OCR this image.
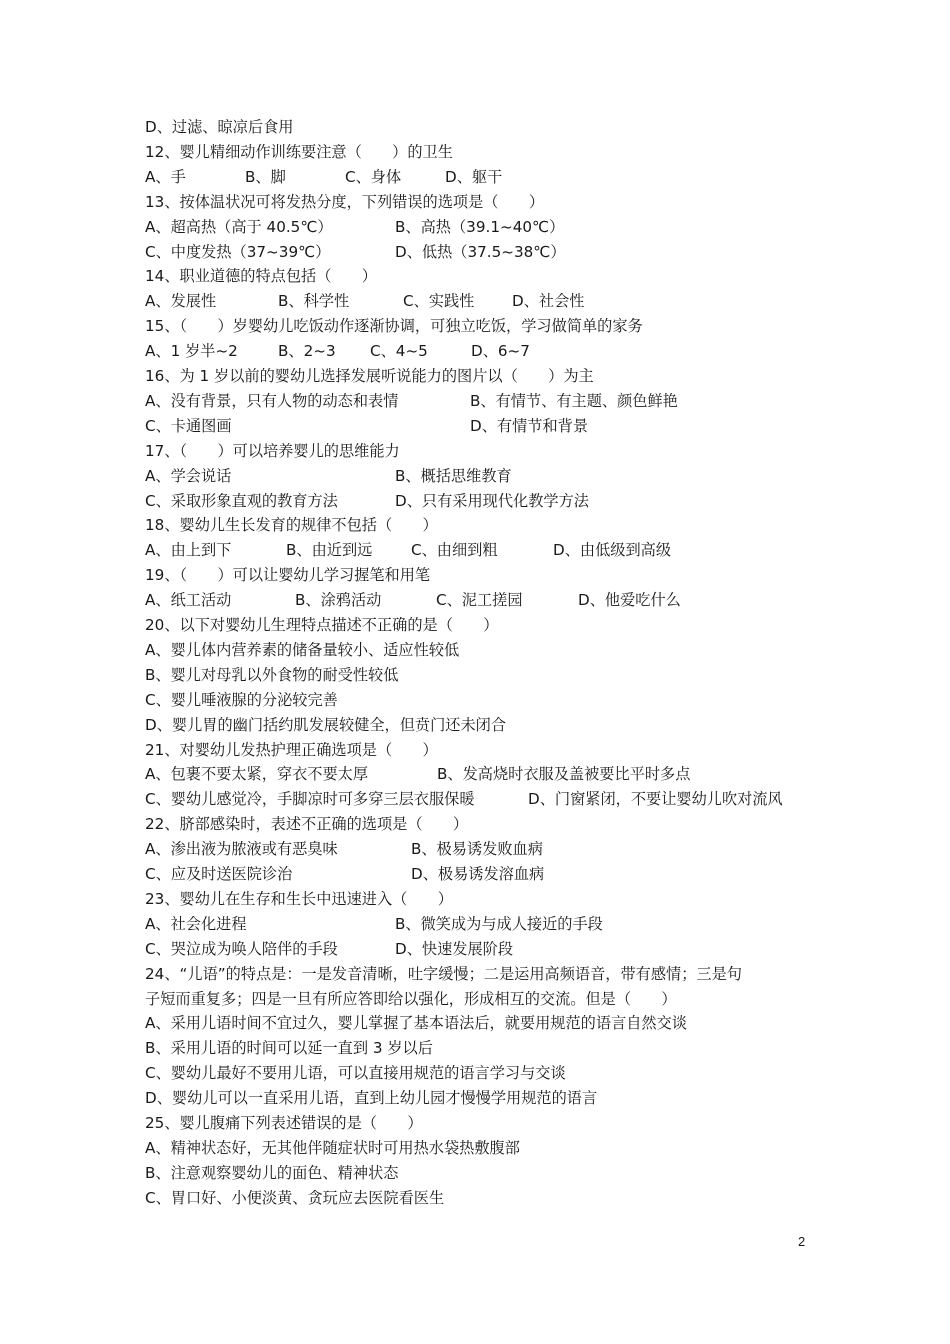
D、过滤、晾凉后食用
12、婴儿精细动作训练要注意（　　）的卫生
A、手	B、脚	C、身体	D、躯干
13、按体温状况可将发热分度，下列错误的选项是（　　）
A、超高热（高于 40.5℃）	B、高热（39.1~40℃）
C、中度发热（37~39℃）	D、低热（37.5~38℃）
14、职业道德的特点包括（　　）
A、发展性	B、科学性	C、实践性 D、社会性
15、（　　）岁婴幼儿吃饭动作逐渐协调，可独立吃饭，学习做简单的家务
A、1 岁半~2	B、2~3 C、4~5	D、6~7
16、为 1 岁以前的婴幼儿选择发展听说能力的图片以（　　）为主
A、没有背景，只有人物的动态和表情	B、有情节、有主题、颜色鲜艳
C、卡通图画	D、有情节和背景
17、（　　）可以培养婴儿的思维能力
A、学会说话	B、概括思维教育
C、采取形象直观的教育方法	D、只有采用现代化教学方法
18、婴幼儿生长发育的规律不包括（　　）
A、由上到下	B、由近到远	C、由细到粗	D、由低级到高级
19、（　　）可以让婴幼儿学习握笔和用笔
A、纸工活动	B、涂鸦活动	C、泥工搓园	D、他爱吃什么
20、以下对婴幼儿生理特点描述不正确的是（　　）
A、婴儿体内营养素的储备量较小、适应性较低
B、婴儿对母乳以外食物的耐受性较低
C、婴儿唾液腺的分泌较完善
D、婴儿胃的幽门括约肌发展较健全，但贲门还未闭合
21、对婴幼儿发热护理正确选项是（　　）
A、包裹不要太紧，穿衣不要太厚	B、发高烧时衣服及盖被要比平时多点
C、婴幼儿感觉冷，手脚凉时可多穿三层衣服保暖	D、门窗紧闭，不要让婴幼儿吹对流风
22、脐部感染时，表述不正确的选项是（　　）
A、渗出液为脓液或有恶臭味	B、极易诱发败血病
C、应及时送医院诊治	D、极易诱发溶血病
23、婴幼儿在生存和生长中迅速进入（　　）
A、社会化进程	B、微笑成为与成人接近的手段
C、哭泣成为唤人陪伴的手段	D、快速发展阶段
24、“儿语”的特点是：一是发音清晰，吐字缓慢；二是运用高频语音，带有感情；三是句
子短而重复多；四是一旦有所应答即给以强化，形成相互的交流。但是（　　）
A、采用儿语时间不宜过久，婴儿掌握了基本语法后，就要用规范的语言自然交谈
B、采用儿语的时间可以延一直到 3 岁以后
C、婴幼儿最好不要用儿语，可以直接用规范的语言学习与交谈
D、婴幼儿可以一直采用儿语，直到上幼儿园才慢慢学用规范的语言
25、婴儿腹痛下列表述错误的是（　　）
A、精神状态好，无其他伴随症状时可用热水袋热敷腹部
B、注意观察婴幼儿的面色、精神状态
C、胃口好、小便淡黄、贪玩应去医院看医生
2
